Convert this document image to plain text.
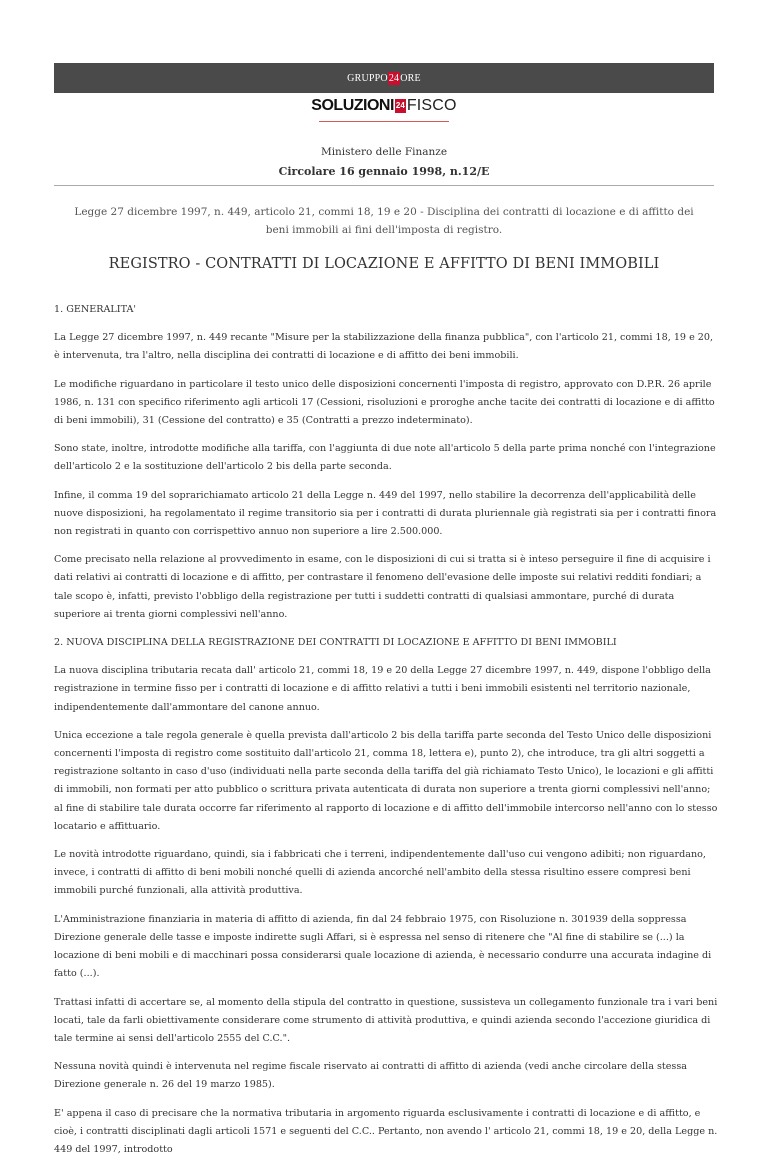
GRUPPO24ORE
SOLUZIONI 24 FISCO
Ministero delle Finanze
Circolare 16 gennaio 1998, n.12/E
Legge 27 dicembre 1997, n. 449, articolo 21, commi 18, 19 e 20 - Disciplina dei contratti di locazione e di affitto dei beni immobili ai fini dell'imposta di registro.
REGISTRO - CONTRATTI DI LOCAZIONE E AFFITTO DI BENI IMMOBILI
1. GENERALITA'

La Legge 27 dicembre 1997, n. 449 recante "Misure per la stabilizzazione della finanza pubblica", con l'articolo 21, commi 18, 19 e 20, è intervenuta, tra l'altro, nella disciplina dei contratti di locazione e di affitto dei beni immobili.

Le modifiche riguardano in particolare il testo unico delle disposizioni concernenti l'imposta di registro, approvato con D.P.R. 26 aprile 1986, n. 131 con specifico riferimento agli articoli 17 (Cessioni, risoluzioni e proroghe anche tacite dei contratti di locazione e di affitto di beni immobili), 31 (Cessione del contratto) e 35 (Contratti a prezzo indeterminato).

Sono state, inoltre, introdotte modifiche alla tariffa, con l'aggiunta di due note all'articolo 5 della parte prima nonché con l'integrazione dell'articolo 2 e la sostituzione dell'articolo 2 bis della parte seconda.

Infine, il comma 19 del soprarichiamato articolo 21 della Legge n. 449 del 1997, nello stabilire la decorrenza dell'applicabilità delle nuove disposizioni, ha regolamentato il regime transitorio sia per i contratti di durata pluriennale già registrati sia per i contratti finora non registrati in quanto con corrispettivo annuo non superiore a lire 2.500.000.

Come precisato nella relazione al provvedimento in esame, con le disposizioni di cui si tratta si è inteso perseguire il fine di acquisire i dati relativi ai contratti di locazione e di affitto, per contrastare il fenomeno dell'evasione delle imposte sui relativi redditi fondiari; a tale scopo è, infatti, previsto l'obbligo della registrazione per tutti i suddetti contratti di qualsiasi ammontare, purché di durata superiore ai trenta giorni complessivi nell'anno.

2. NUOVA DISCIPLINA DELLA REGISTRAZIONE DEI CONTRATTI DI LOCAZIONE E AFFITTO DI BENI IMMOBILI

La nuova disciplina tributaria recata dall' articolo 21, commi 18, 19 e 20 della Legge 27 dicembre 1997, n. 449, dispone l'obbligo della registrazione in termine fisso per i contratti di locazione e di affitto relativi a tutti i beni immobili esistenti nel territorio nazionale, indipendentemente dall'ammontare del canone annuo.

Unica eccezione a tale regola generale è quella prevista dall'articolo 2 bis della tariffa parte seconda del Testo Unico delle disposizioni concernenti l'imposta di registro come sostituito dall'articolo 21, comma 18, lettera e), punto 2), che introduce, tra gli altri soggetti a registrazione soltanto in caso d'uso (individuati nella parte seconda della tariffa del già richiamato Testo Unico), le locazioni e gli affitti di immobili, non formati per atto pubblico o scrittura privata autenticata di durata non superiore a trenta giorni complessivi nell'anno; al fine di stabilire tale durata occorre far riferimento al rapporto di locazione e di affitto dell'immobile intercorso nell'anno con lo stesso locatario e affittuario.

Le novità introdotte riguardano, quindi, sia i fabbricati che i terreni, indipendentemente dall'uso cui vengono adibiti; non riguardano, invece, i contratti di affitto di beni mobili nonché quelli di azienda ancorché nell'ambito della stessa risultino essere compresi beni immobili purché funzionali, alla attività produttiva.

L'Amministrazione finanziaria in materia di affitto di azienda, fin dal 24 febbraio 1975, con Risoluzione n. 301939 della soppressa Direzione generale delle tasse e imposte indirette sugli Affari, si è espressa nel senso di ritenere che "Al fine di stabilire se (...) la locazione di beni mobili e di macchinari possa considerarsi quale locazione di azienda, è necessario condurre una accurata indagine di fatto (...).

Trattasi infatti di accertare se, al momento della stipula del contratto in questione, sussisteva un collegamento funzionale tra i vari beni locati, tale da farli obiettivamente considerare come strumento di attività produttiva, e quindi azienda secondo l'accezione giuridica di tale termine ai sensi dell'articolo 2555 del C.C.".

Nessuna novità quindi è intervenuta nel regime fiscale riservato ai contratti di affitto di azienda (vedi anche circolare della stessa Direzione generale n. 26 del 19 marzo 1985).

E' appena il caso di precisare che la normativa tributaria in argomento riguarda esclusivamente i contratti di locazione e di affitto, e cioè, i contratti disciplinati dagli articoli 1571 e seguenti del C.C.. Pertanto, non avendo l' articolo 21, commi 18, 19 e 20, della Legge n. 449 del 1997, introdotto
